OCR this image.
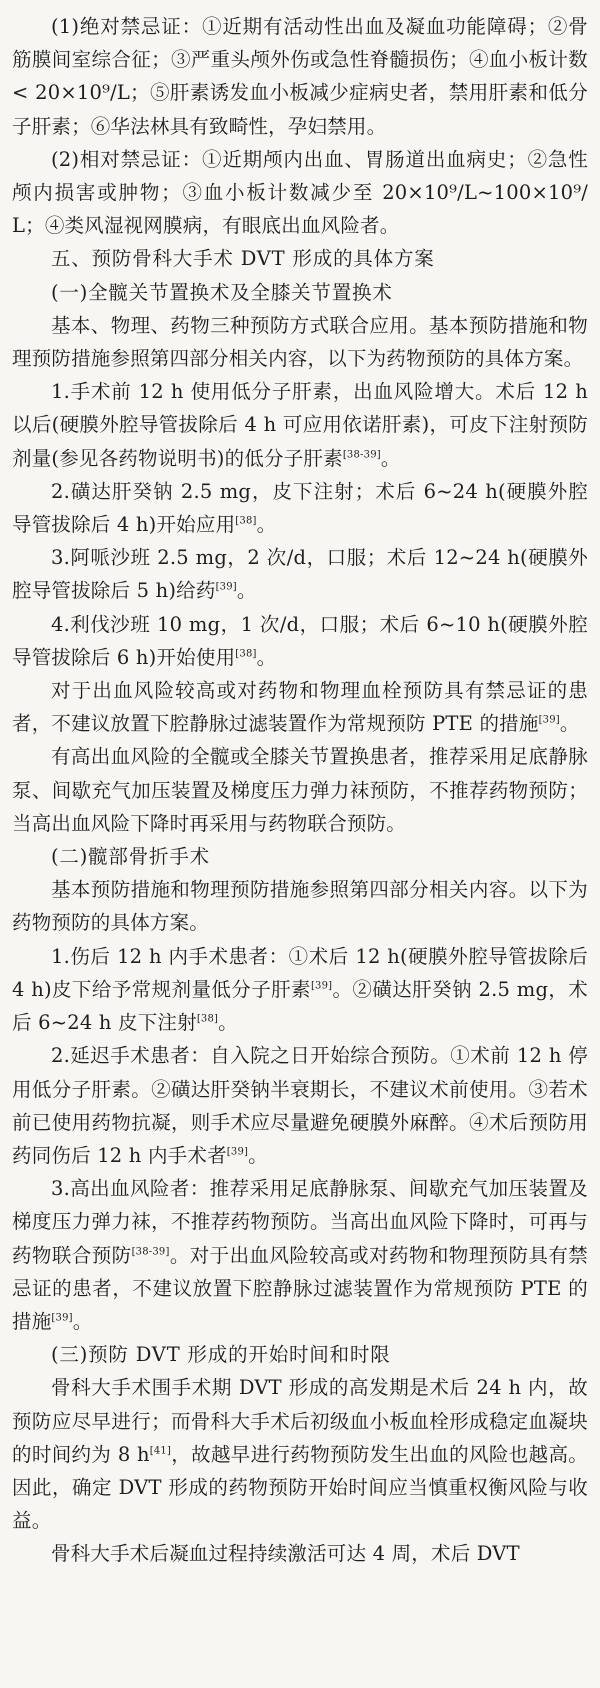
(1)绝对禁忌证：①近期有活动性出血及凝血功能障碍；②骨筋膜间室综合征；③严重头颅外伤或急性脊髓损伤；④血小板计数< 20×10⁹/L；⑤肝素诱发血小板减少症病史者，禁用肝素和低分子肝素；⑥华法林具有致畸性，孕妇禁用。

(2)相对禁忌证：①近期颅内出血、胃肠道出血病史；②急性颅内损害或肿物；③血小板计数减少至 20×10⁹/L~100×10⁹/L；④类风湿视网膜病，有眼底出血风险者。

五、预防骨科大手术 DVT 形成的具体方案

(一)全髋关节置换术及全膝关节置换术

基本、物理、药物三种预防方式联合应用。基本预防措施和物理预防措施参照第四部分相关内容，以下为药物预防的具体方案。

1.手术前 12 h 使用低分子肝素，出血风险增大。术后 12 h 以后(硬膜外腔导管拔除后 4 h 可应用依诺肝素)，可皮下注射预防剂量(参见各药物说明书)的低分子肝素[38-39]。

2.磺达肝癸钠 2.5 mg，皮下注射；术后 6~24 h(硬膜外腔导管拔除后 4 h)开始应用[38]。

3.阿哌沙班 2.5 mg，2 次/d，口服；术后 12~24 h(硬膜外腔导管拔除后 5 h)给药[39]。

4.利伐沙班 10 mg，1 次/d，口服；术后 6~10 h(硬膜外腔导管拔除后 6 h)开始使用[38]。

对于出血风险较高或对药物和物理血栓预防具有禁忌证的患者，不建议放置下腔静脉过滤装置作为常规预防 PTE 的措施[39]。

有高出血风险的全髋或全膝关节置换患者，推荐采用足底静脉泵、间歇充气加压装置及梯度压力弹力袜预防，不推荐药物预防；当高出血风险下降时再采用与药物联合预防。

(二)髋部骨折手术

基本预防措施和物理预防措施参照第四部分相关内容。以下为药物预防的具体方案。

1.伤后 12 h 内手术患者：①术后 12 h(硬膜外腔导管拔除后 4 h)皮下给予常规剂量低分子肝素[39]。②磺达肝癸钠 2.5 mg，术后 6~24 h 皮下注射[38]。

2.延迟手术患者：自入院之日开始综合预防。①术前 12 h 停用低分子肝素。②磺达肝癸钠半衰期长，不建议术前使用。③若术前已使用药物抗凝，则手术应尽量避免硬膜外麻醉。④术后预防用药同伤后 12 h 内手术者[39]。

3.高出血风险者：推荐采用足底静脉泵、间歇充气加压装置及梯度压力弹力袜，不推荐药物预防。当高出血风险下降时，可再与药物联合预防[38-39]。对于出血风险较高或对药物和物理预防具有禁忌证的患者，不建议放置下腔静脉过滤装置作为常规预防 PTE 的措施[39]。

(三)预防 DVT 形成的开始时间和时限

骨科大手术围手术期 DVT 形成的高发期是术后 24 h 内，故预防应尽早进行；而骨科大手术后初级血小板血栓形成稳定血凝块的时间约为 8 h[41]，故越早进行药物预防发生出血的风险也越高。因此，确定 DVT 形成的药物预防开始时间应当慎重权衡风险与收益。

骨科大手术后凝血过程持续激活可达 4 周，术后 DVT
